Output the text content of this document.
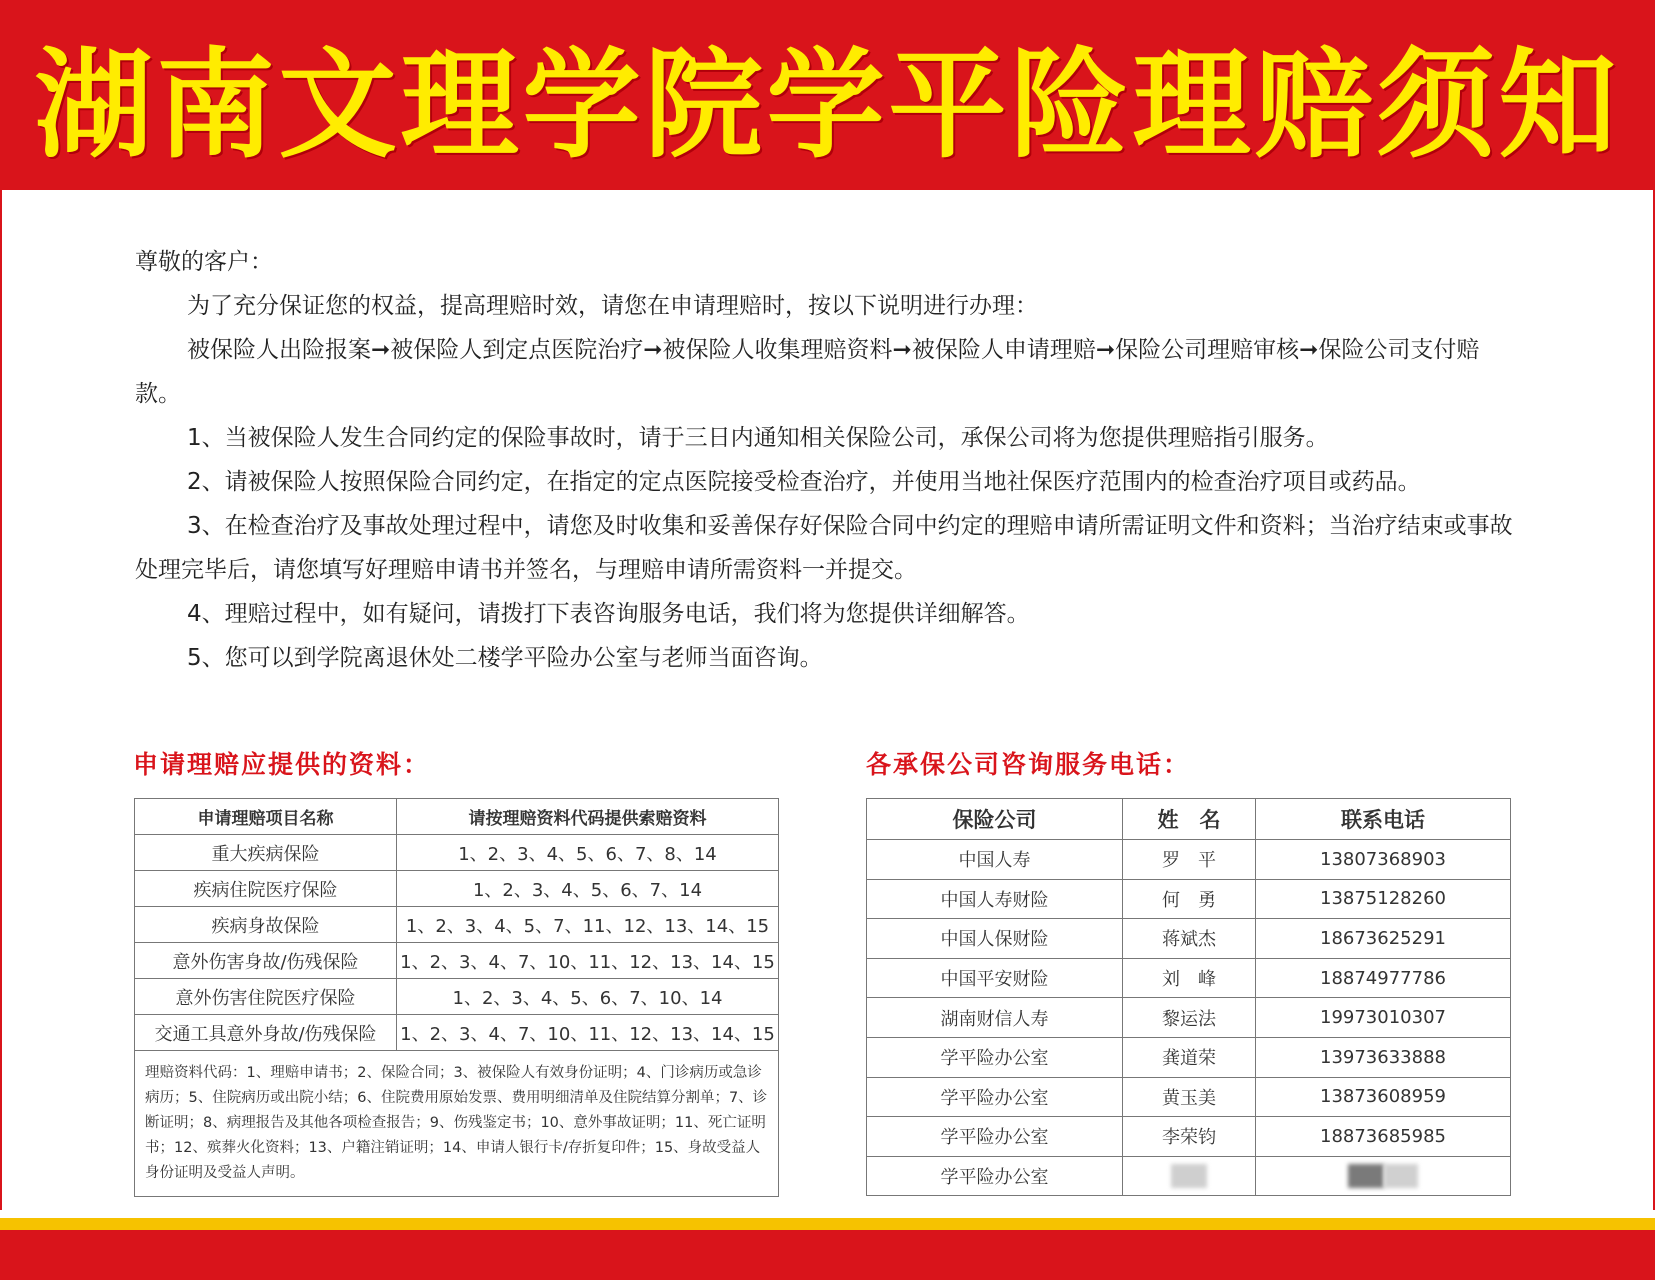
湖南文理学院学平险理赔须知

尊敬的客户：

为了充分保证您的权益，提高理赔时效，请您在申请理赔时，按以下说明进行办理：

被保险人出险报案➞被保险人到定点医院治疗➞被保险人收集理赔资料➞被保险人申请理赔➞保险公司理赔审核➞保险公司支付赔款。

1、当被保险人发生合同约定的保险事故时，请于三日内通知相关保险公司，承保公司将为您提供理赔指引服务。

2、请被保险人按照保险合同约定，在指定的定点医院接受检查治疗，并使用当地社保医疗范围内的检查治疗项目或药品。

3、在检查治疗及事故处理过程中，请您及时收集和妥善保存好保险合同中约定的理赔申请所需证明文件和资料；当治疗结束或事故处理完毕后，请您填写好理赔申请书并签名，与理赔申请所需资料一并提交。

4、理赔过程中，如有疑问，请拨打下表咨询服务电话，我们将为您提供详细解答。

5、您可以到学院离退休处二楼学平险办公室与老师当面咨询。

申请理赔应提供的资料：	各承保公司咨询服务电话：
申请理赔项目名称	请按理赔资料代码提供索赔资料
重大疾病保险	1、2、3、4、5、6、7、8、14
疾病住院医疗保险	1、2、3、4、5、6、7、14
疾病身故保险	1、2、3、4、5、7、11、12、13、14、15
意外伤害身故/伤残保险	1、2、3、4、7、10、11、12、13、14、15
意外伤害住院医疗保险	1、2、3、4、5、6、7、10、14
交通工具意外身故/伤残保险	1、2、3、4、7、10、11、12、13、14、15
理赔资料代码：1、理赔申请书；2、保险合同；3、被保险人有效身份证明；4、门诊病历或急诊病历；5、住院病历或出院小结；6、住院费用原始发票、费用明细清单及住院结算分割单；7、诊断证明；8、病理报告及其他各项检查报告；9、伤残鉴定书；10、意外事故证明；11、死亡证明书；12、殡葬火化资料；13、户籍注销证明；14、申请人银行卡/存折复印件；15、身故受益人身份证明及受益人声明。	
保险公司	姓　名	联系电话
中国人寿	罗　平	13807368903
中国人寿财险	何　勇	13875128260
中国人保财险	蒋斌杰	18673625291
中国平安财险	刘　峰	18874977786
湖南财信人寿	黎运法	19973010307
学平险办公室	龚道荣	13973633888
学平险办公室	黄玉美	13873608959
学平险办公室	李荣钧	18873685985
学平险办公室		
